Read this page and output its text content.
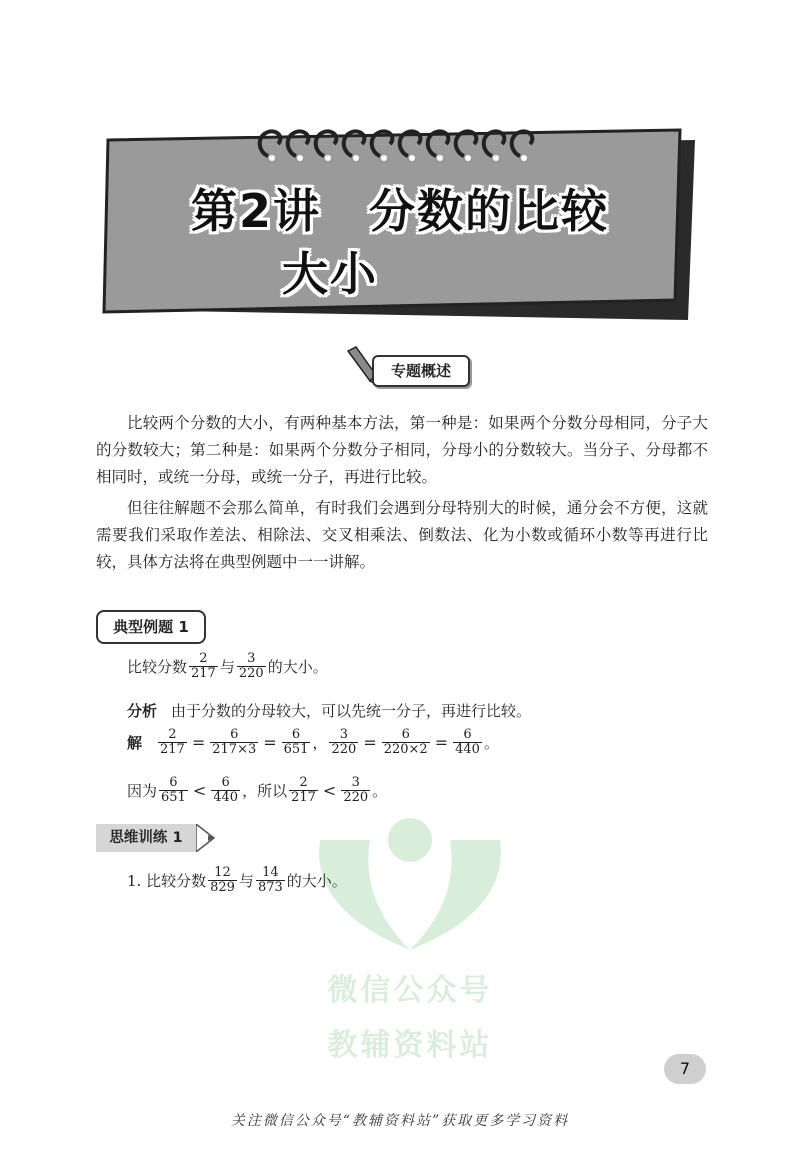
第2讲　分数的比较
大小
专题概述
比较两个分数的大小，有两种基本方法，第一种是：如果两个分数分母相同，分子大的分数较大；第二种是：如果两个分数分子相同，分母小的分数较大。当分子、分母都不相同时，或统一分母，或统一分子，再进行比较。
但往往解题不会那么简单，有时我们会遇到分母特别大的时候，通分会不方便，这就需要我们采取作差法、相除法、交叉相乘法、倒数法、化为小数或循环小数等再进行比较，具体方法将在典型例题中一一讲解。
典型例题 1
比较分数 $\frac{2}{217}$ 与 $\frac{3}{220}$ 的大小。
分析 由于分数的分母较大，可以先统一分子，再进行比较。
解 $\frac{2}{217} = \frac{6}{217\times 3} = \frac{6}{651}$ ， $\frac{3}{220} = \frac{6}{220\times 2} = \frac{6}{440}$ 。
因为 $\frac{6}{651} < \frac{6}{440}$ ，所以 $\frac{2}{217} < \frac{3}{220}$ 。
思维训练 1
1. 比较分数 $\frac{12}{829}$ 与 $\frac{14}{873}$ 的大小。
微信公众号
教辅资料站
7
关注微信公众号“教辅资料站”获取更多学习资料
